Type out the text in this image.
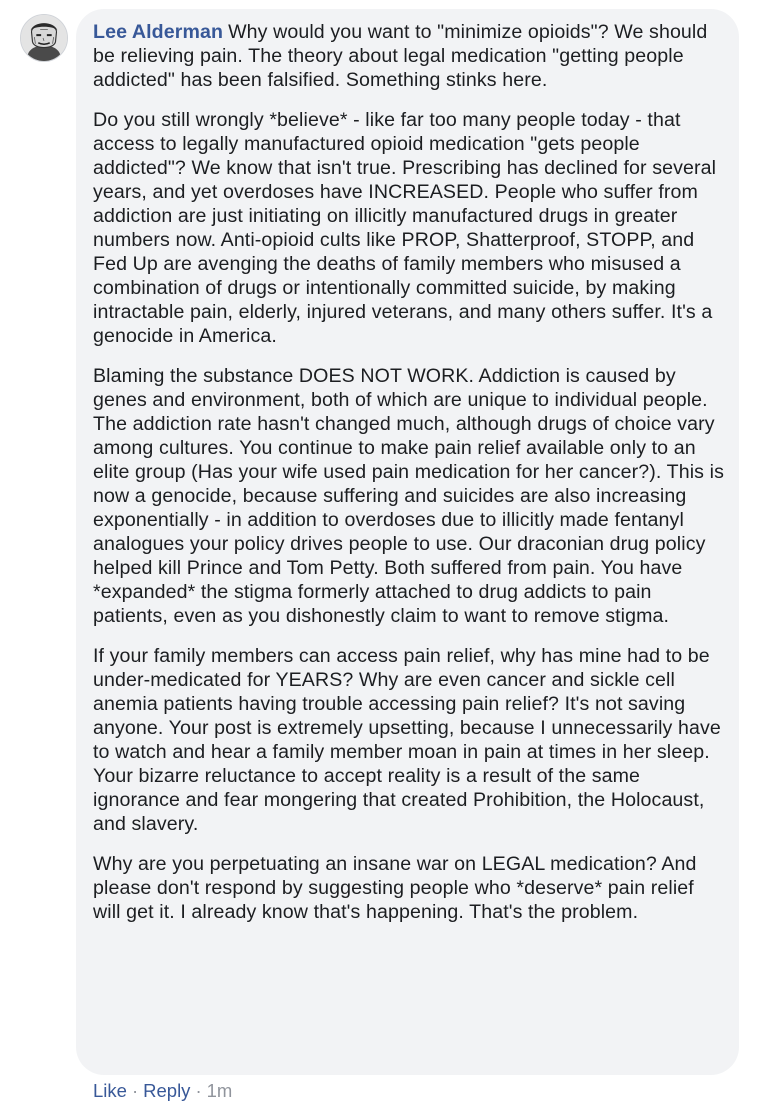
Lee Alderman Why would you want to "minimize opioids"? We should be relieving pain. The theory about legal medication "getting people addicted" has been falsified. Something stinks here.

Do you still wrongly *believe* - like far too many people today - that access to legally manufactured opioid medication "gets people addicted"? We know that isn't true. Prescribing has declined for several years, and yet overdoses have INCREASED. People who suffer from addiction are just initiating on illicitly manufactured drugs in greater numbers now. Anti-opioid cults like PROP, Shatterproof, STOPP, and Fed Up are avenging the deaths of family members who misused a combination of drugs or intentionally committed suicide, by making intractable pain, elderly, injured veterans, and many others suffer. It's a genocide in America.

Blaming the substance DOES NOT WORK. Addiction is caused by genes and environment, both of which are unique to individual people. The addiction rate hasn't changed much, although drugs of choice vary among cultures. You continue to make pain relief available only to an elite group (Has your wife used pain medication for her cancer?). This is now a genocide, because suffering and suicides are also increasing exponentially - in addition to overdoses due to illicitly made fentanyl analogues your policy drives people to use. Our draconian drug policy helped kill Prince and Tom Petty. Both suffered from pain. You have *expanded* the stigma formerly attached to drug addicts to pain patients, even as you dishonestly claim to want to remove stigma.

If your family members can access pain relief, why has mine had to be under-medicated for YEARS? Why are even cancer and sickle cell anemia patients having trouble accessing pain relief? It's not saving anyone. Your post is extremely upsetting, because I unnecessarily have to watch and hear a family member moan in pain at times in her sleep. Your bizarre reluctance to accept reality is a result of the same ignorance and fear mongering that created Prohibition, the Holocaust, and slavery.

Why are you perpetuating an insane war on LEGAL medication? And please don't respond by suggesting people who *deserve* pain relief will get it. I already know that's happening. That's the problem.

Like · Reply · 1m
